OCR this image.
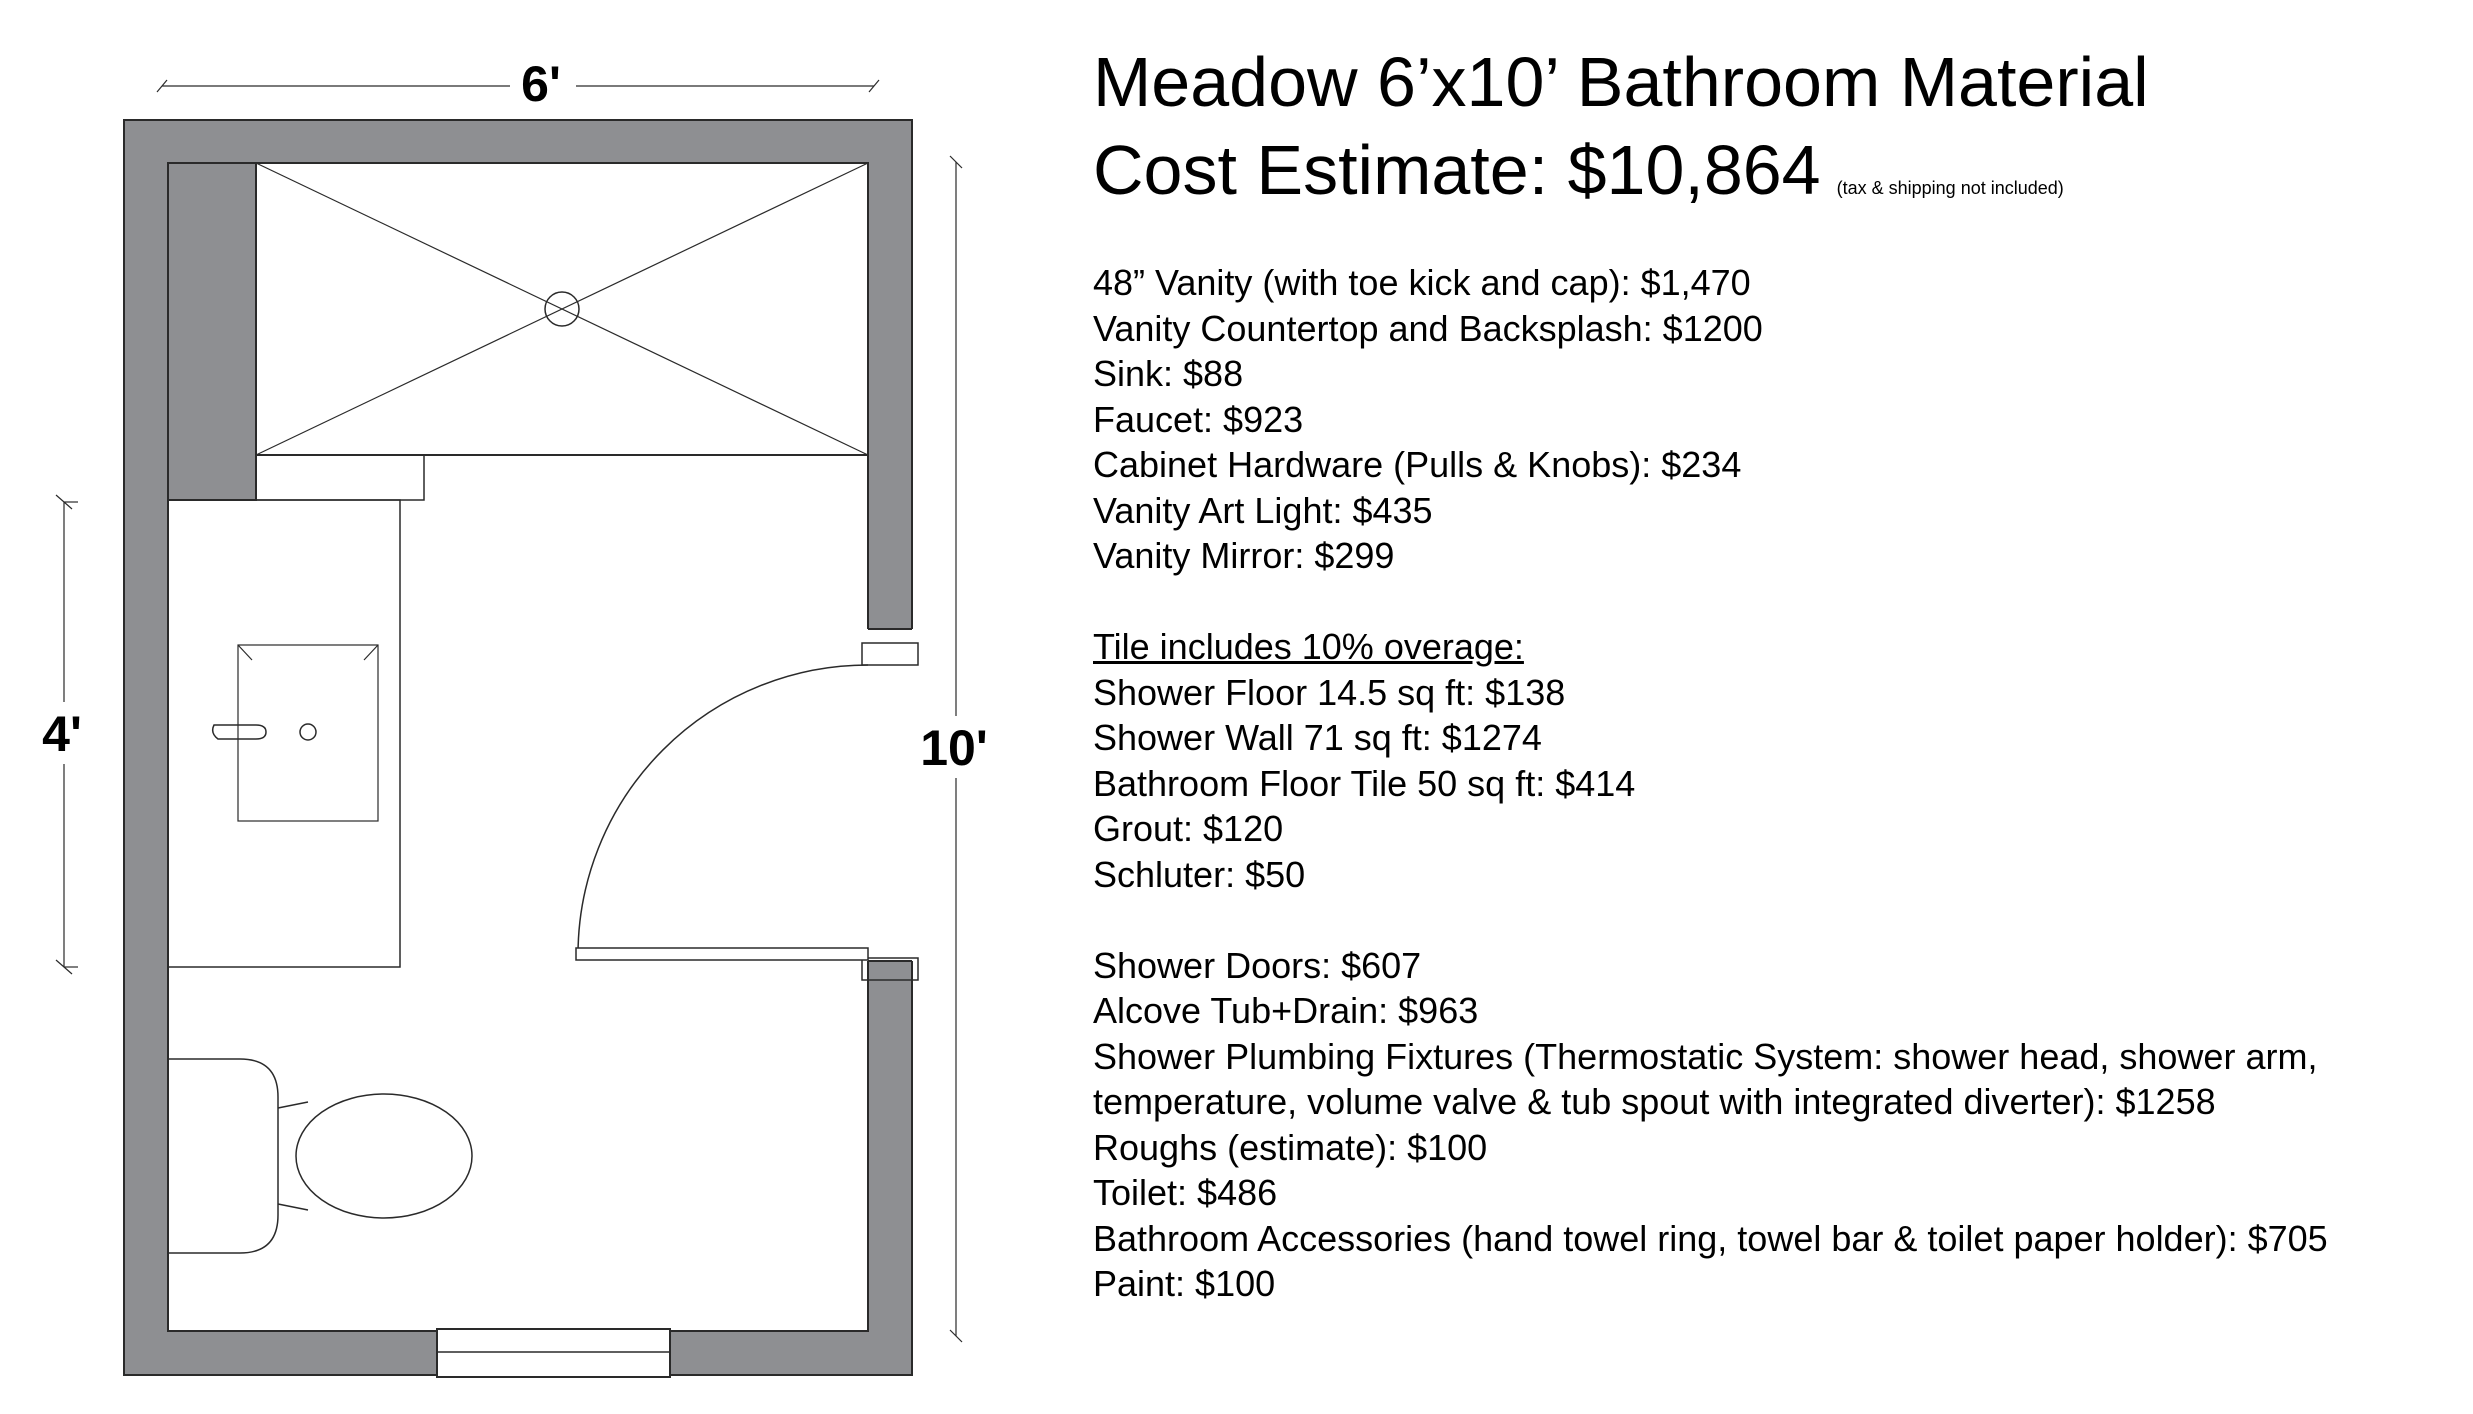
6'
10'
4'
Meadow 6’x10’ Bathroom Material
Cost Estimate: $10,864 (tax & shipping not included)
48” Vanity (with toe kick and cap): $1,470
Vanity Countertop and Backsplash: $1200
Sink: $88
Faucet: $923
Cabinet Hardware (Pulls & Knobs): $234
Vanity Art Light: $435
Vanity Mirror: $299
Tile includes 10% overage:
Shower Floor 14.5 sq ft: $138
Shower Wall 71 sq ft: $1274
Bathroom Floor Tile 50 sq ft: $414
Grout: $120
Schluter: $50
Shower Doors: $607
Alcove Tub+Drain: $963
Shower Plumbing Fixtures (Thermostatic System: shower head, shower arm,
temperature, volume valve & tub spout with integrated diverter): $1258
Roughs (estimate): $100
Toilet: $486
Bathroom Accessories (hand towel ring, towel bar & toilet paper holder): $705
Paint: $100
